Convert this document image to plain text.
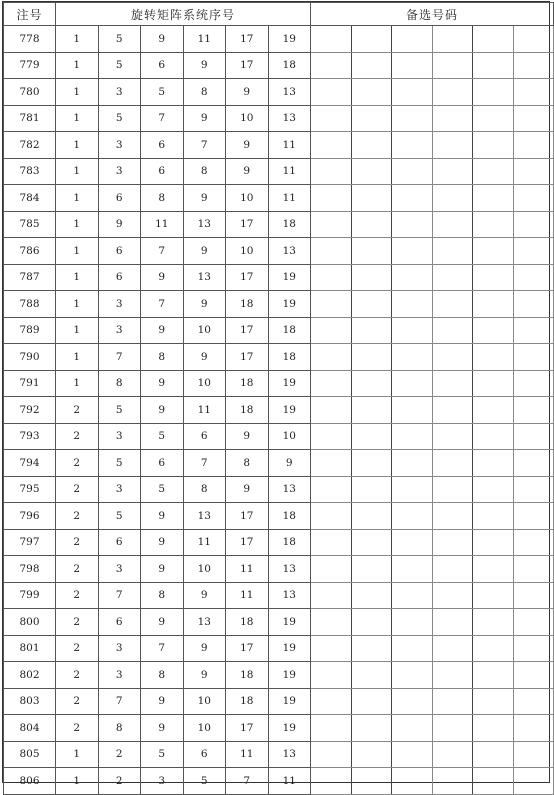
注号	旋转矩阵系统序号						备选号码					
778	1	5	9	11	17	19						
779	1	5	6	9	17	18						
780	1	3	5	8	9	13						
781	1	5	7	9	10	13						
782	1	3	6	7	9	11						
783	1	3	6	8	9	11						
784	1	6	8	9	10	11						
785	1	9	11	13	17	18						
786	1	6	7	9	10	13						
787	1	6	9	13	17	19						
788	1	3	7	9	18	19						
789	1	3	9	10	17	18						
790	1	7	8	9	17	18						
791	1	8	9	10	18	19						
792	2	5	9	11	18	19						
793	2	3	5	6	9	10						
794	2	5	6	7	8	9						
795	2	3	5	8	9	13						
796	2	5	9	13	17	18						
797	2	6	9	11	17	18						
798	2	3	9	10	11	13						
799	2	7	8	9	11	13						
800	2	6	9	13	18	19						
801	2	3	7	9	17	19						
802	2	3	8	9	18	19						
803	2	7	9	10	18	19						
804	2	8	9	10	17	19						
805	1	2	5	6	11	13						
806	1	2	3	5	7	11						
